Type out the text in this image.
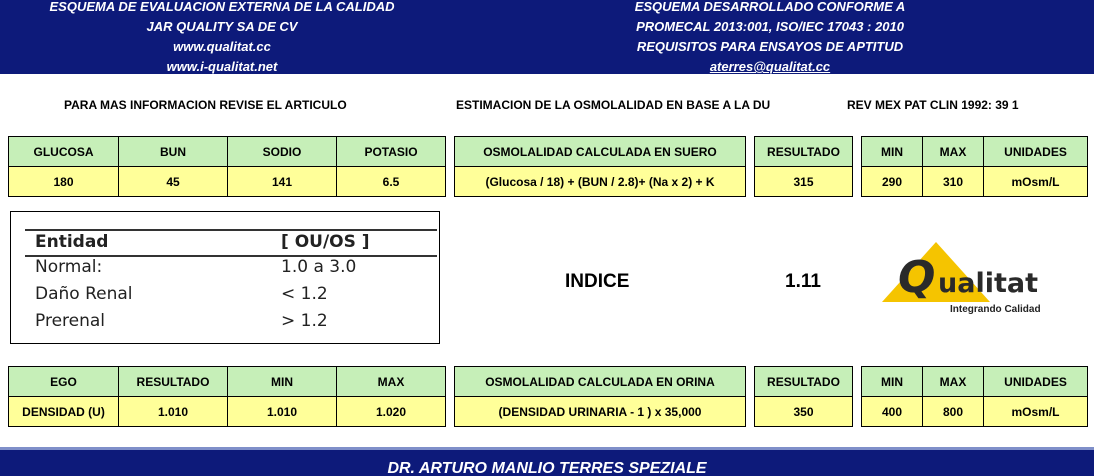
ESQUEMA DE EVALUACION EXTERNA DE LA CALIDAD
JAR QUALITY SA DE CV
www.qualitat.cc
www.i-qualitat.net
ESQUEMA DESARROLLADO CONFORME A
PROMECAL 2013:001, ISO/IEC 17043 : 2010
REQUISITOS PARA ENSAYOS DE APTITUD
aterres@qualitat.cc
PARA MAS INFORMACION REVISE EL ARTICULO	ESTIMACION DE LA OSMOLALIDAD EN BASE A LA DU	REV MEX PAT CLIN 1992: 39 1
GLUCOSA	BUN	SODIO	POTASIO
180	45	141	6.5
OSMOLALIDAD CALCULADA EN SUERO
(Glucosa / 18) + (BUN / 2.8)+ (Na x 2) + K
RESULTADO
315
MIN	MAX	UNIDADES
290	310	mOsm/L
Entidad	[ OU/OS ]
Normal:	1.0 a 3.0
Daño Renal	< 1.2
Prerenal	> 1.2
INDICE	1.11 Q ualitat
Integrando Calidad
EGO	RESULTADO	MIN	MAX
DENSIDAD (U)	1.010	1.010	1.020
OSMOLALIDAD CALCULADA EN ORINA
(DENSIDAD URINARIA - 1 ) x 35,000
RESULTADO
350
MIN	MAX	UNIDADES
400	800	mOsm/L
DR. ARTURO MANLIO TERRES SPEZIALE
